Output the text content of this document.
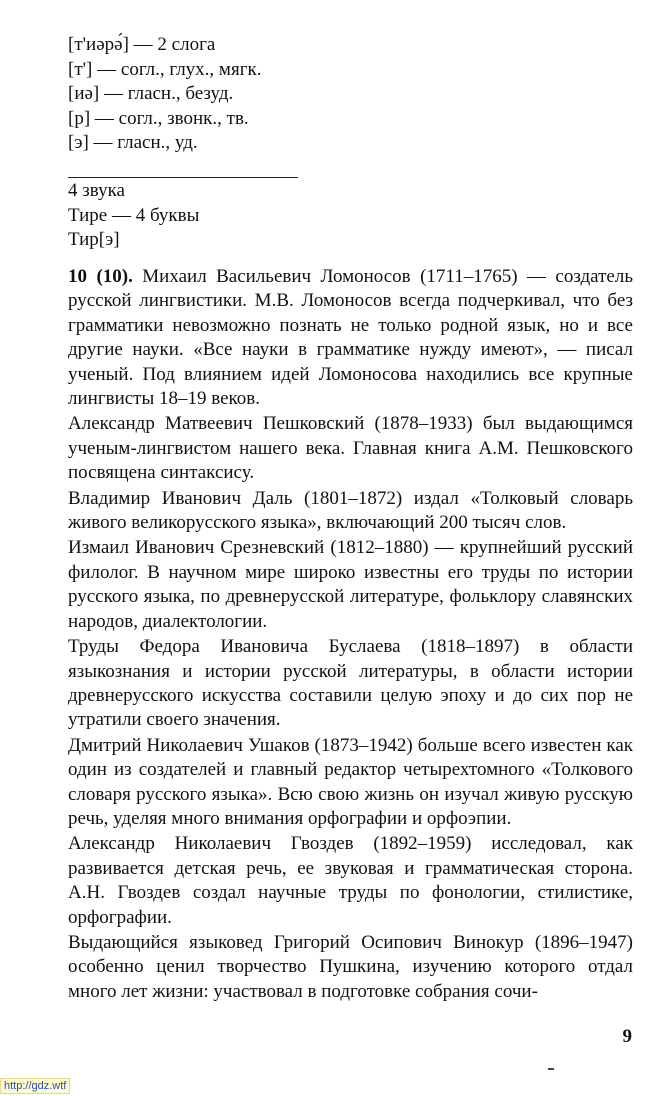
[т'иəрə́] — 2 слога
[т'] — согл., глух., мягк.
[иə] — гласн., безуд.
[р] — согл., звонк., тв.
[э] — гласн., уд.
4 звука
Тире — 4 буквы
Тир[э]

10 (10). Михаил Васильевич Ломоносов (1711–1765) — создатель русской лингвистики. М.В. Ломоносов всегда подчеркивал, что без грамматики невозможно познать не только родной язык, но и все другие науки. «Все науки в грамматике нужду имеют», — писал ученый. Под влиянием идей Ломоносова находились все крупные лингвисты 18–19 веков.

Александр Матвеевич Пешковский (1878–1933) был выдающимся ученым-лингвистом нашего века. Главная книга А.М. Пешковского посвящена синтаксису.

Владимир Иванович Даль (1801–1872) издал «Толковый словарь живого великорусского языка», включающий 200 тысяч слов.

Измаил Иванович Срезневский (1812–1880) — крупнейший русский филолог. В научном мире широко известны его труды по истории русского языка, по древнерусской литературе, фольклору славянских народов, диалектологии.

Труды Федора Ивановича Буслаева (1818–1897) в области языкознания и истории русской литературы, в области истории древнерусского искусства составили целую эпоху и до сих пор не утратили своего значения.

Дмитрий Николаевич Ушаков (1873–1942) больше всего известен как один из создателей и главный редактор четырехтомного «Толкового словаря русского языка». Всю свою жизнь он изучал живую русскую речь, уделяя много внимания орфографии и орфоэпии.

Александр Николаевич Гвоздев (1892–1959) исследовал, как развивается детская речь, ее звуковая и грамматическая сторона. А.Н. Гвоздев создал научные труды по фонологии, стилистике, орфографии.

Выдающийся языковед Григорий Осипович Винокур (1896–1947) особенно ценил творчество Пушкина, изучению которого отдал много лет жизни: участвовал в подготовке собрания сочи-

9
http://gdz.wtf
